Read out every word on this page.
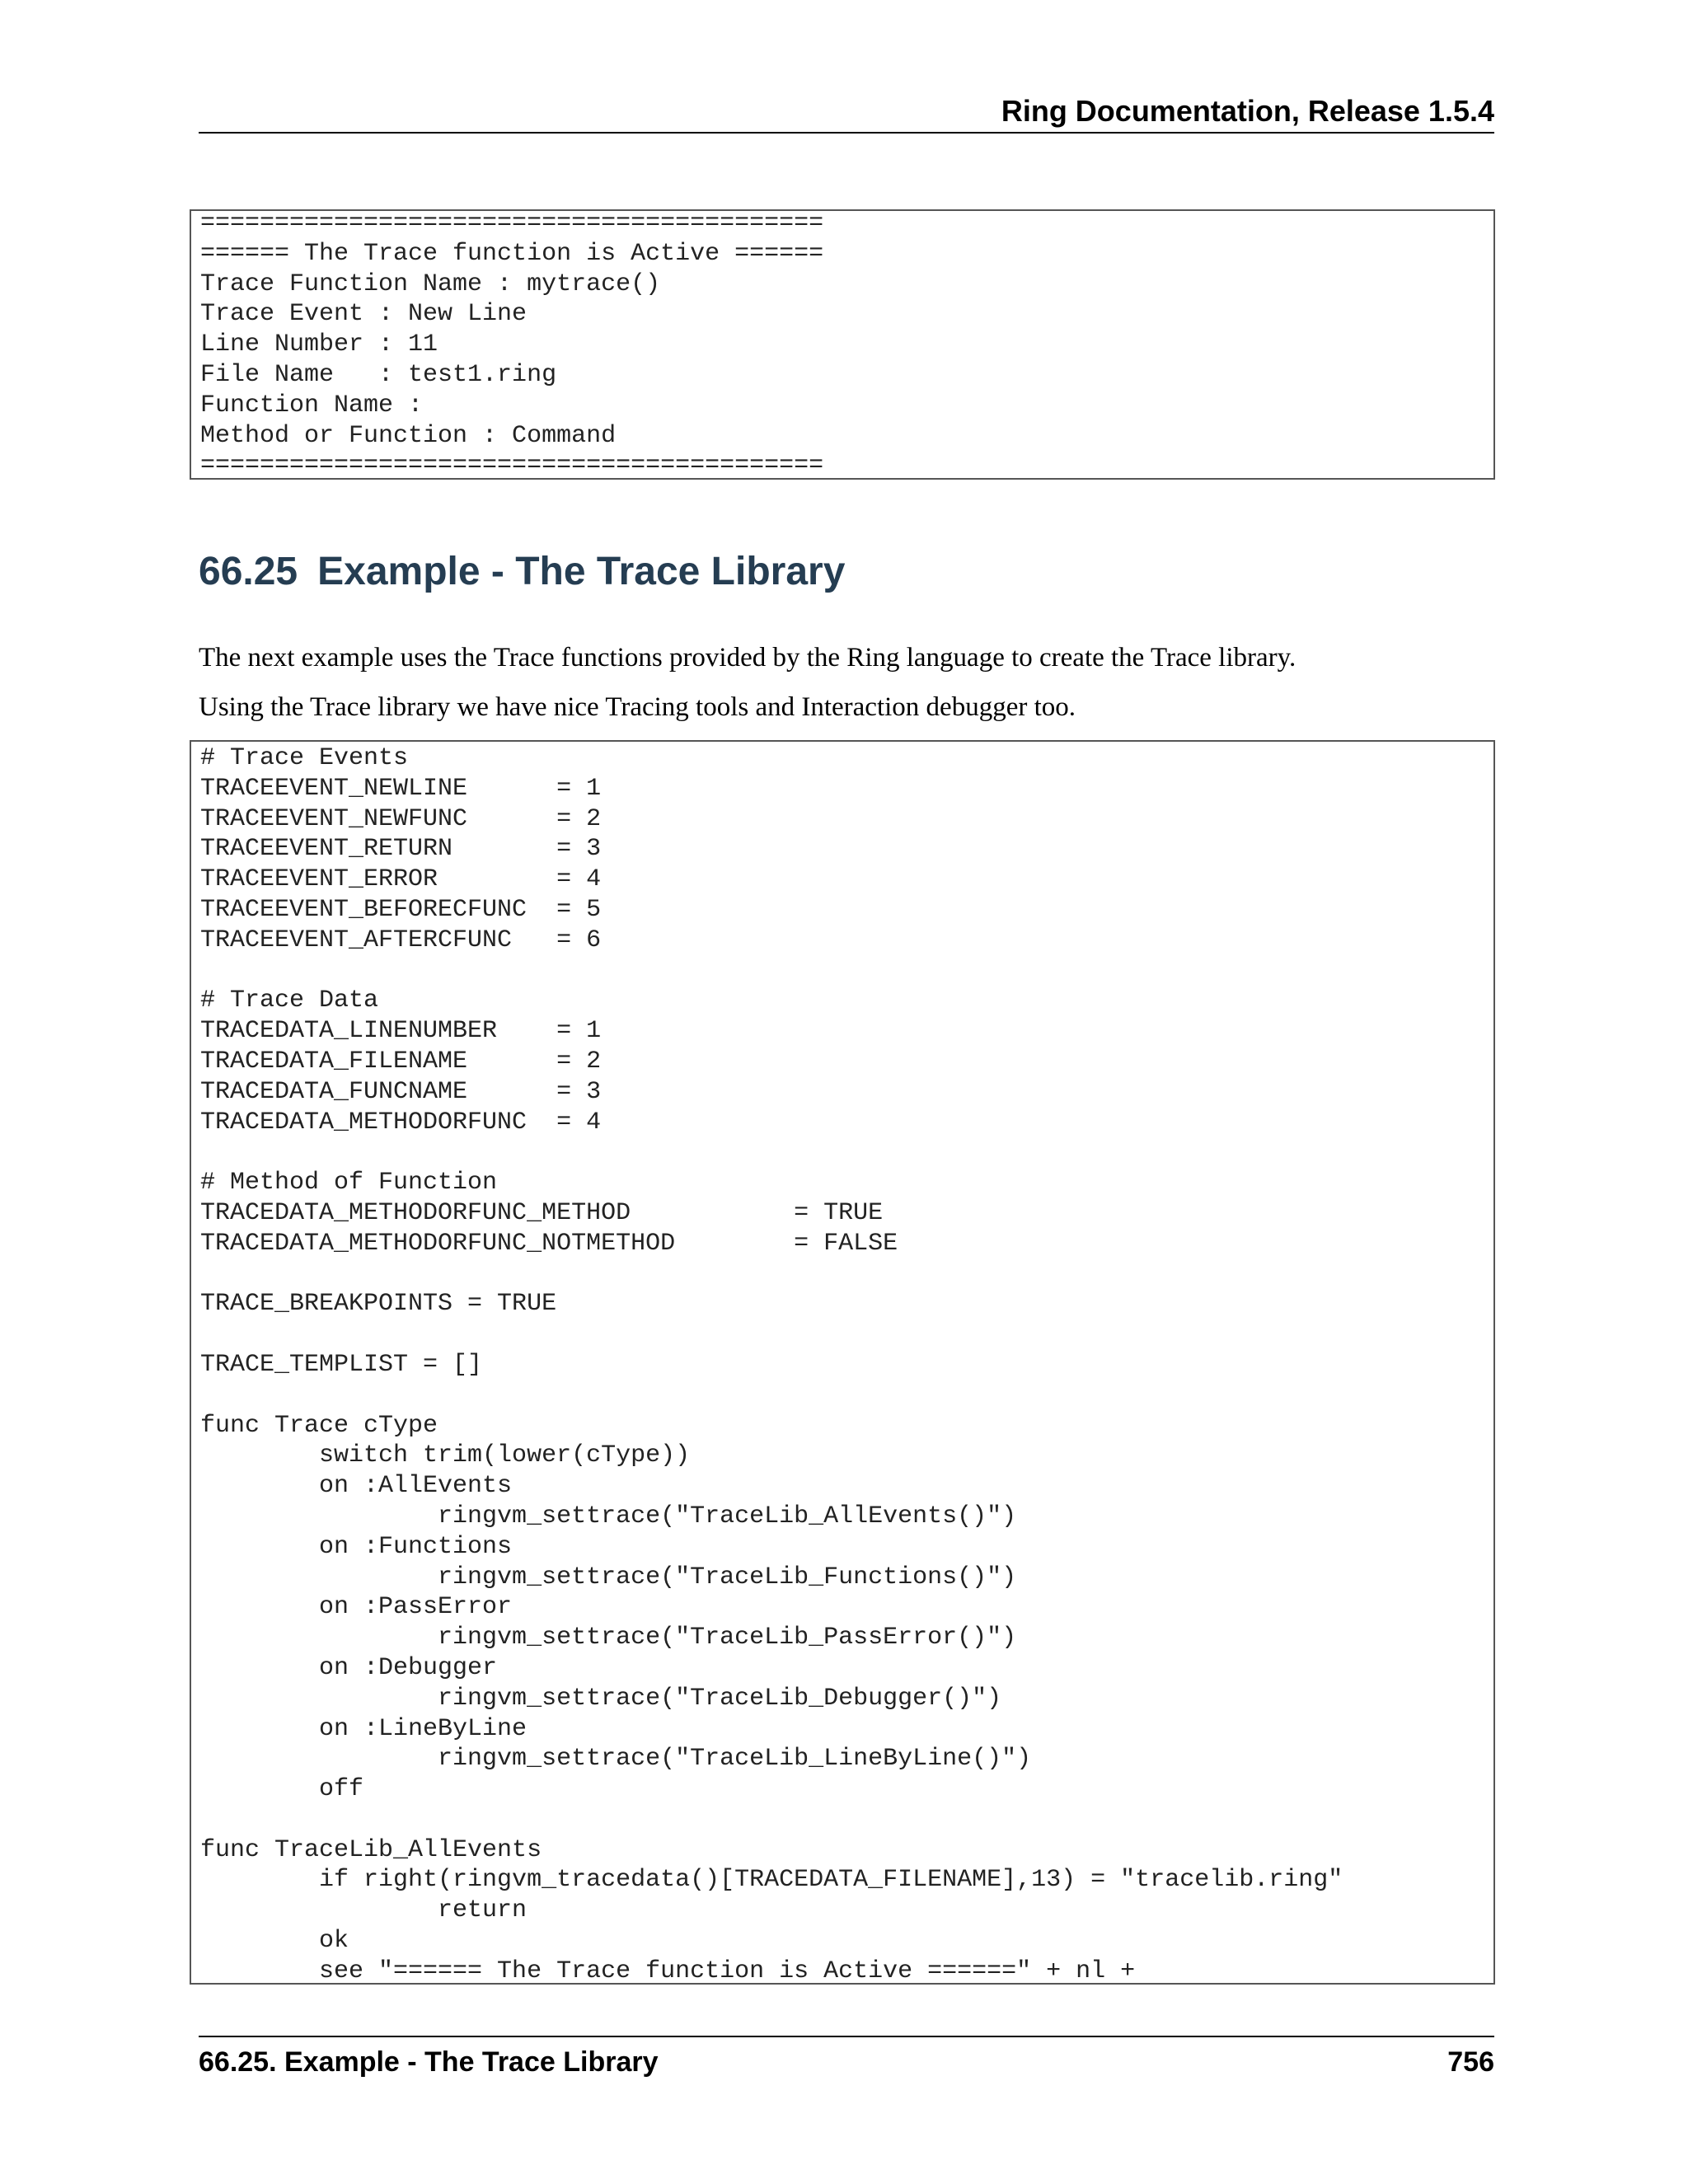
Ring Documentation, Release 1.5.4
==========================================
====== The Trace function is Active ======
Trace Function Name : mytrace()
Trace Event : New Line
Line Number : 11
File Name   : test1.ring
Function Name :
Method or Function : Command
==========================================
66.25 Example - The Trace Library

The next example uses the Trace functions provided by the Ring language to create the Trace library.

Using the Trace library we have nice Tracing tools and Interaction debugger too.

# Trace Events
TRACEEVENT_NEWLINE      = 1
TRACEEVENT_NEWFUNC      = 2
TRACEEVENT_RETURN       = 3
TRACEEVENT_ERROR        = 4
TRACEEVENT_BEFORECFUNC  = 5
TRACEEVENT_AFTERCFUNC   = 6

# Trace Data
TRACEDATA_LINENUMBER    = 1
TRACEDATA_FILENAME      = 2
TRACEDATA_FUNCNAME      = 3
TRACEDATA_METHODORFUNC  = 4

# Method of Function
TRACEDATA_METHODORFUNC_METHOD           = TRUE
TRACEDATA_METHODORFUNC_NOTMETHOD        = FALSE

TRACE_BREAKPOINTS = TRUE

TRACE_TEMPLIST = []

func Trace cType
switch trim(lower(cType))
on :AllEvents
ringvm_settrace("TraceLib_AllEvents()")
on :Functions
ringvm_settrace("TraceLib_Functions()")
on :PassError
ringvm_settrace("TraceLib_PassError()")
on :Debugger
ringvm_settrace("TraceLib_Debugger()")
on :LineByLine
ringvm_settrace("TraceLib_LineByLine()")
off

func TraceLib_AllEvents
if right(ringvm_tracedata()[TRACEDATA_FILENAME],13) = "tracelib.ring"
return
ok
see "====== The Trace function is Active ======" + nl +
66.25. Example - The Trace Library	756
